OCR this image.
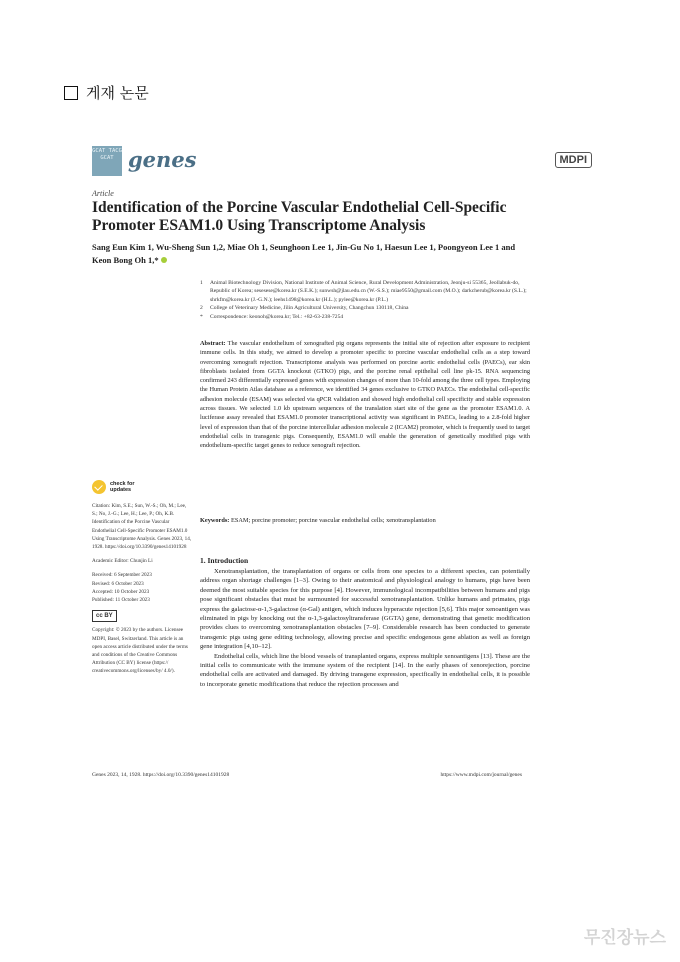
게재 논문
GCAT TACG GCAT genes	MDPI
Article
Identification of the Porcine Vascular Endothelial Cell-Specific Promoter ESAM1.0 Using Transcriptome Analysis
Sang Eun Kim 1, Wu-Sheng Sun 1,2, Miae Oh 1, Seunghoon Lee 1, Jin-Gu No 1, Haesun Lee 1, Poongyeon Lee 1 and Keon Bong Oh 1,*
1	Animal Biotechnology Division, National Institute of Animal Science, Rural Development Administration, Jeonju-si 55365, Jeollabuk-do, Republic of Korea; sesesese@korea.kr (S.E.K.); sunwsh@jlau.edu.cn (W.-S.S.); miae9550@gmail.com (M.O.); darkcherub@korea.kr (S.L.); shrkfm@korea.kr (J.-G.N.); leehs1498@korea.kr (H.L.); pylee@korea.kr (P.L.)
2	College of Veterinary Medicine, Jilin Agricultural University, Changchun 130118, China
*	Correspondence: keonoh@korea.kr; Tel.: +82-63-238-7254
Abstract: The vascular endothelium of xenografted pig organs represents the initial site of rejection after exposure to recipient immune cells. In this study, we aimed to develop a promoter specific to porcine vascular endothelial cells as a step toward overcoming xenograft rejection. Transcriptome analysis was performed on porcine aortic endothelial cells (PAECs), ear skin fibroblasts isolated from GGTA knockout (GTKO) pigs, and the porcine renal epithelial cell line pk-15. RNA sequencing confirmed 243 differentially expressed genes with expression changes of more than 10-fold among the three cell types. Employing the Human Protein Atlas database as a reference, we identified 34 genes exclusive to GTKO PAECs. The endothelial cell-specific adhesion molecule (ESAM) was selected via qPCR validation and showed high endothelial cell specificity and stable expression across tissues. We selected 1.0 kb upstream sequences of the translation start site of the gene as the promoter ESAM1.0. A luciferase assay revealed that ESAM1.0 promoter transcriptional activity was significant in PAECs, leading to a 2.8-fold higher level of expression than that of the porcine intercellular adhesion molecule 2 (ICAM2) promoter, which is frequently used to target endothelial cells in transgenic pigs. Consequently, ESAM1.0 will enable the generation of genetically modified pigs with endothelium-specific target genes to reduce xenograft rejection.
Keywords: ESAM; porcine promoter; porcine vascular endothelial cells; xenotransplantation
check for
updates

Citation: Kim, S.E.; Sun, W.-S.; Oh, M.; Lee, S.; No, J.-G.; Lee, H.; Lee, P.; Oh, K.B. Identification of the Porcine Vascular Endothelial Cell-Specific Promoter ESAM1.0 Using Transcriptome Analysis. Genes 2023, 14, 1928. https://doi.org/10.3390/genes14101928

Academic Editor: Chunjin Li

Received: 6 September 2023

Revised: 6 October 2023

Accepted: 10 October 2023

Published: 11 October 2023

cc BY

Copyright: © 2023 by the authors. Licensee MDPI, Basel, Switzerland. This article is an open access article distributed under the terms and conditions of the Creative Commons Attribution (CC BY) license (https:// creativecommons.org/licenses/by/ 4.0/).

1. Introduction

Xenotransplantation, the transplantation of organs or cells from one species to a different species, can potentially address organ shortage challenges [1–3]. Owing to their anatomical and physiological analogy to humans, pigs have been deemed the most suitable species for this purpose [4]. However, immunological incompatibilities between humans and pigs pose significant obstacles that must be surmounted for successful xenotransplantation. Unlike humans and primates, pigs express the galactose-α-1,3-galactose (α-Gal) antigen, which induces hyperacute rejection [5,6]. This major xenoantigen was eliminated in pigs by knocking out the α-1,3-galactosyltransferase (GGTA) gene, demonstrating that genetic modification provides clues to overcoming xenotransplantation obstacles [7–9]. Considerable research has been conducted to generate transgenic pigs using gene editing technology, allowing precise and specific endogenous gene ablation as well as foreign gene integration [4,10–12].

Endothelial cells, which line the blood vessels of transplanted organs, express multiple xenoantigens [13]. These are the initial cells to communicate with the immune system of the recipient [14]. In the early phases of xenorejection, porcine endothelial cells are activated and damaged. By driving transgene expression, specifically in endothelial cells, it is possible to incorporate genetic modifications that reduce the rejection processes and

Genes 2023, 14, 1928. https://doi.org/10.3390/genes14101928	https://www.mdpi.com/journal/genes
무진장뉴스
